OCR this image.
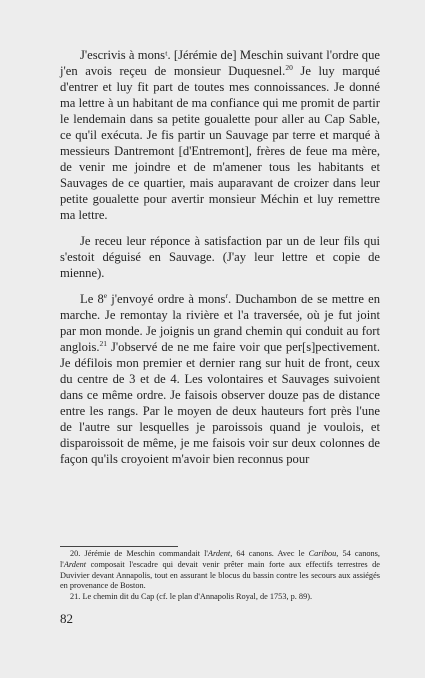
J'escrivis à monsᵗ. [Jérémie de] Meschin suivant l'ordre que j'en avois reçeu de monsieur Duquesnel.$^{20}$ Je luy marqué d'entrer et luy fit part de toutes mes connoissances. Je donné ma lettre à un habitant de ma confiance qui me promit de partir le lendemain dans sa petite goualette pour aller au Cap Sable, ce qu'il exécuta. Je fis partir un Sauvage par terre et marqué à messieurs Dantremont [d'Entremont], frères de feue ma mère, de venir me joindre et de m'amener tous les habitants et Sauvages de ce quartier, mais auparavant de croizer dans leur petite goualette pour avertir monsieur Méchin et luy remettre ma lettre.

Je receu leur réponce à satisfaction par un de leur fils qui s'estoit déguisé en Sauvage. (J'ay leur lettre et copie de mienne).

Le 8e j'envoyé ordre à mons$^r$. Duchambon de se mettre en marche. Je remontay la rivière et l'a traversée, où je fut joint par mon monde. Je joignis un grand chemin qui conduit au fort anglois.$^{21}$ J'observé de ne me faire voir que per[s]pectivement. Je défilois mon premier et dernier rang sur huit de front, ceux du centre de 3 et de 4. Les volontaires et Sauvages suivoient dans ce même ordre. Je faisois observer douze pas de distance entre les rangs. Par le moyen de deux hauteurs fort près l'une de l'autre sur lesquelles je paroissois quand je voulois, et disparoissoit de même, je me faisois voir sur deux colonnes de façon qu'ils croyoient m'avoir bien reconnus pour

20. Jérémie de Meschin commandait l'Ardent, 64 canons. Avec le Caribou, 54 canons, l'Ardent composait l'escadre qui devait venir prêter main forte aux effectifs terrestres de Duvivier devant Annapolis, tout en assurant le blocus du bassin contre les secours aux assiégés en provenance de Boston.

21. Le chemin dit du Cap (cf. le plan d'Annapolis Royal, de 1753, p. 89).

82
